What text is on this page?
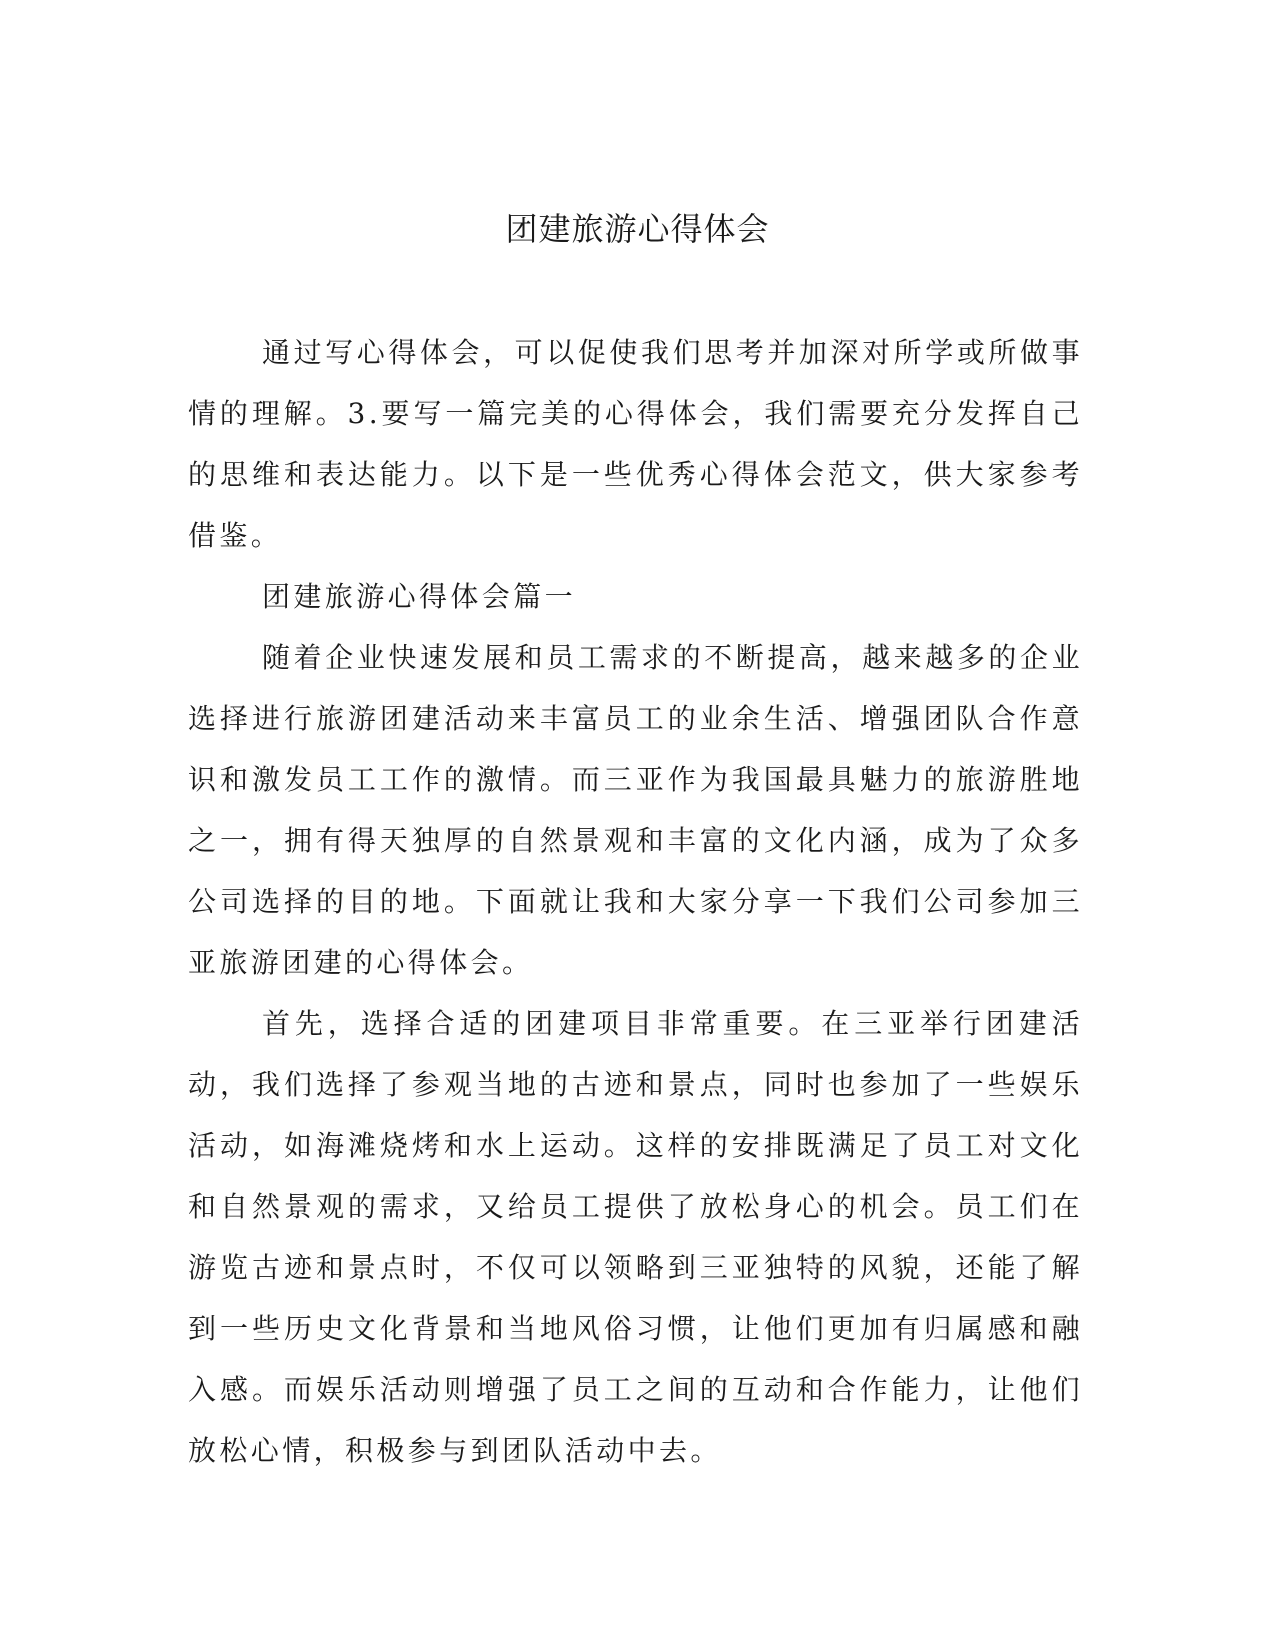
团建旅游心得体会

通过写心得体会，可以促使我们思考并加深对所学或所做事情的理解。3.要写一篇完美的心得体会，我们需要充分发挥自己的思维和表达能力。以下是一些优秀心得体会范文，供大家参考借鉴。

团建旅游心得体会篇一

随着企业快速发展和员工需求的不断提高，越来越多的企业选择进行旅游团建活动来丰富员工的业余生活、增强团队合作意识和激发员工工作的激情。而三亚作为我国最具魅力的旅游胜地之一，拥有得天独厚的自然景观和丰富的文化内涵，成为了众多公司选择的目的地。下面就让我和大家分享一下我们公司参加三亚旅游团建的心得体会。

首先，选择合适的团建项目非常重要。在三亚举行团建活动，我们选择了参观当地的古迹和景点，同时也参加了一些娱乐活动，如海滩烧烤和水上运动。这样的安排既满足了员工对文化和自然景观的需求，又给员工提供了放松身心的机会。员工们在游览古迹和景点时，不仅可以领略到三亚独特的风貌，还能了解到一些历史文化背景和当地风俗习惯，让他们更加有归属感和融入感。而娱乐活动则增强了员工之间的互动和合作能力，让他们放松心情，积极参与到团队活动中去。
